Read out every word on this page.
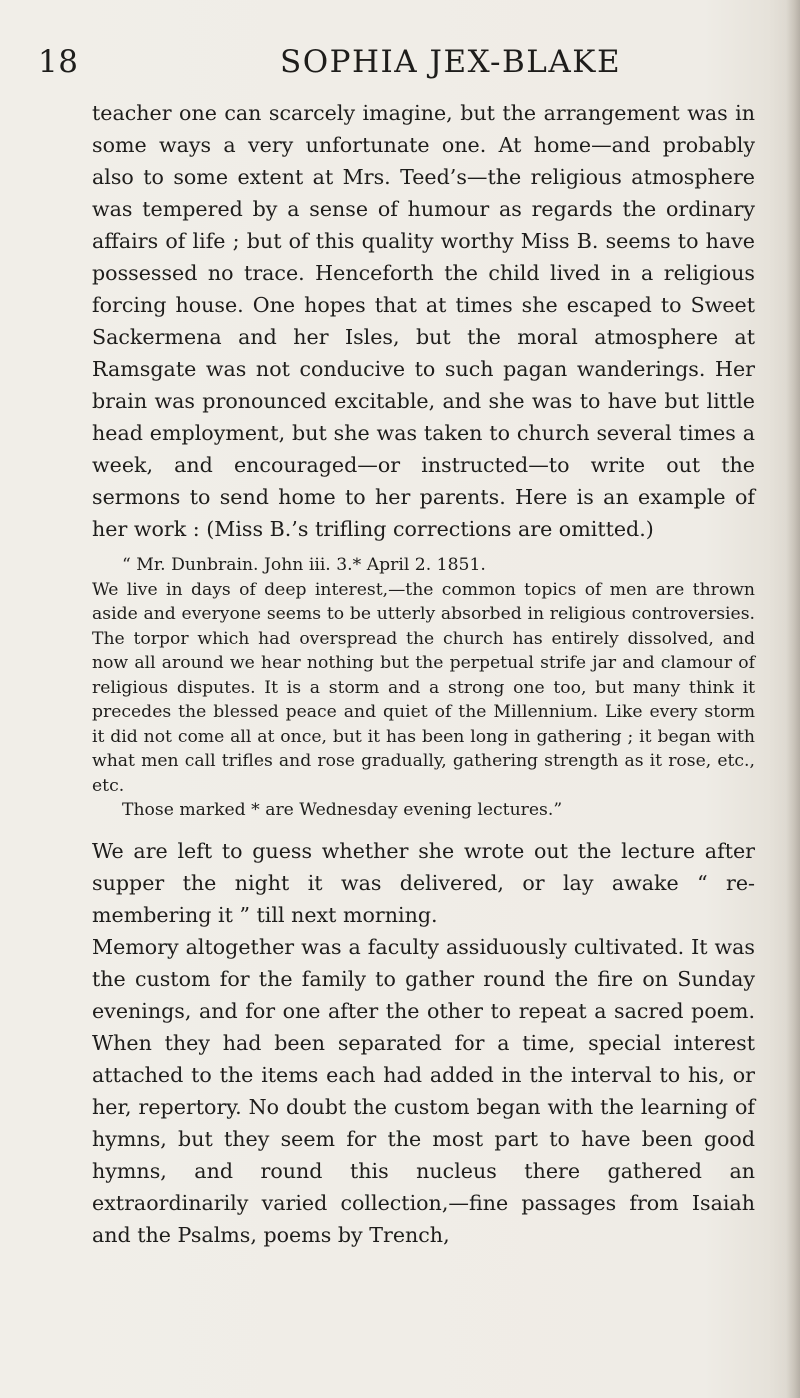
18	SOPHIA JEX-BLAKE

teacher one can scarcely imagine, but the arrangement was in some ways a very unfortunate one. At home—and probably also to some extent at Mrs. Teed’s—the religious atmosphere was tempered by a sense of humour as regards the ordinary affairs of life ; but of this quality worthy Miss B. seems to have possessed no trace. Henceforth the child lived in a religious forcing house. One hopes that at times she escaped to Sweet Sackermena and her Isles, but the moral atmosphere at Ramsgate was not conducive to such pagan wanderings. Her brain was pronounced excitable, and she was to have but little head employment, but she was taken to church several times a week, and encouraged—or instructed—to write out the sermons to send home to her parents. Here is an example of her work : (Miss B.’s trifling corrections are omitted.)

“ Mr. Dunbrain. John iii. 3.* April 2. 1851.

We live in days of deep interest,—the common topics of men are thrown aside and everyone seems to be utterly absorbed in religious controversies. The torpor which had overspread the church has entirely dissolved, and now all around we hear nothing but the perpetual strife jar and clamour of religious disputes. It is a storm and a strong one too, but many think it precedes the blessed peace and quiet of the Millennium. Like every storm it did not come all at once, but it has been long in gathering ; it began with what men call trifles and rose gradually, gathering strength as it rose, etc., etc.

Those marked * are Wednesday evening lectures.”

We are left to guess whether she wrote out the lecture after supper the night it was delivered, or lay awake “ re-membering it ” till next morning.

Memory altogether was a faculty assiduously cultivated. It was the custom for the family to gather round the fire on Sunday evenings, and for one after the other to repeat a sacred poem. When they had been separated for a time, special interest attached to the items each had added in the interval to his, or her, repertory. No doubt the custom began with the learning of hymns, but they seem for the most part to have been good hymns, and round this nucleus there gathered an extraordinarily varied collection,—fine passages from Isaiah and the Psalms, poems by Trench,
